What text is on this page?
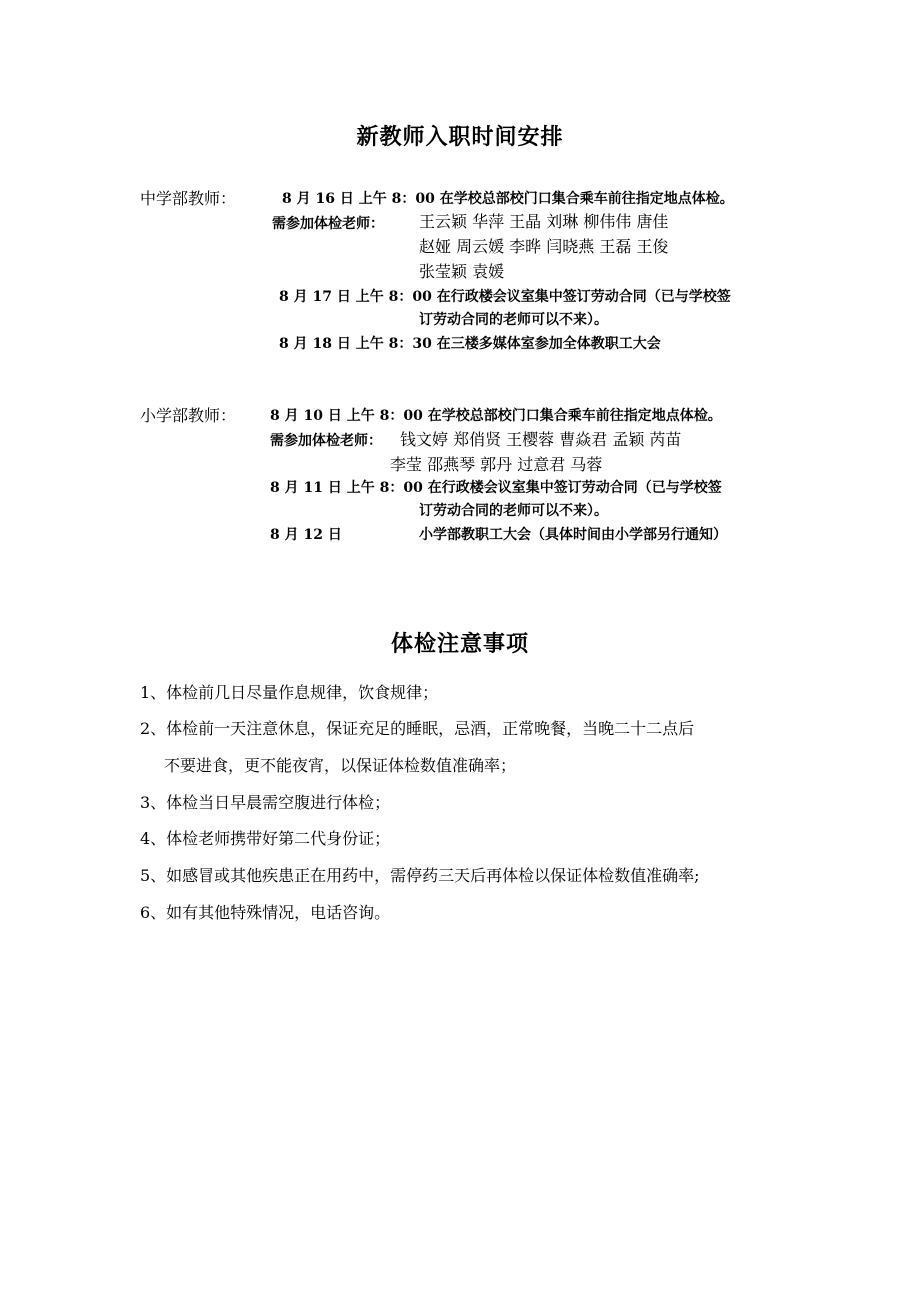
新教师入职时间安排
中学部教师：	8 月 16 日 上午 8：00 在学校总部校门口集合乘车前往指定地点体检。
需参加体检老师： 王云颖 华萍 王晶 刘琳 柳伟伟 唐佳
赵娅 周云媛 李晔 闫晓燕 王磊 王俊
张莹颖 袁媛
8 月 17 日 上午 8：00 在行政楼会议室集中签订劳动合同（已与学校签
订劳动合同的老师可以不来）。
8 月 18 日 上午 8：30 在三楼多媒体室参加全体教职工大会
小学部教师： 8 月 10 日 上午 8：00 在学校总部校门口集合乘车前往指定地点体检。
需参加体检老师： 钱文婷 郑俏贤 王樱蓉 曹焱君 孟颖 芮苗
李莹 邵燕琴 郭丹 过意君 马蓉
8 月 11 日 上午 8：00 在行政楼会议室集中签订劳动合同（已与学校签
订劳动合同的老师可以不来）。
8 月 12 日	小学部教职工大会（具体时间由小学部另行通知）
体检注意事项
1、体检前几日尽量作息规律，饮食规律；
2、体检前一天注意休息，保证充足的睡眠，忌酒，正常晚餐，当晚二十二点后
不要进食，更不能夜宵，以保证体检数值准确率；
3、体检当日早晨需空腹进行体检；
4、体检老师携带好第二代身份证；
5、如感冒或其他疾患正在用药中，需停药三天后再体检以保证体检数值准确率;
6、如有其他特殊情况，电话咨询。
